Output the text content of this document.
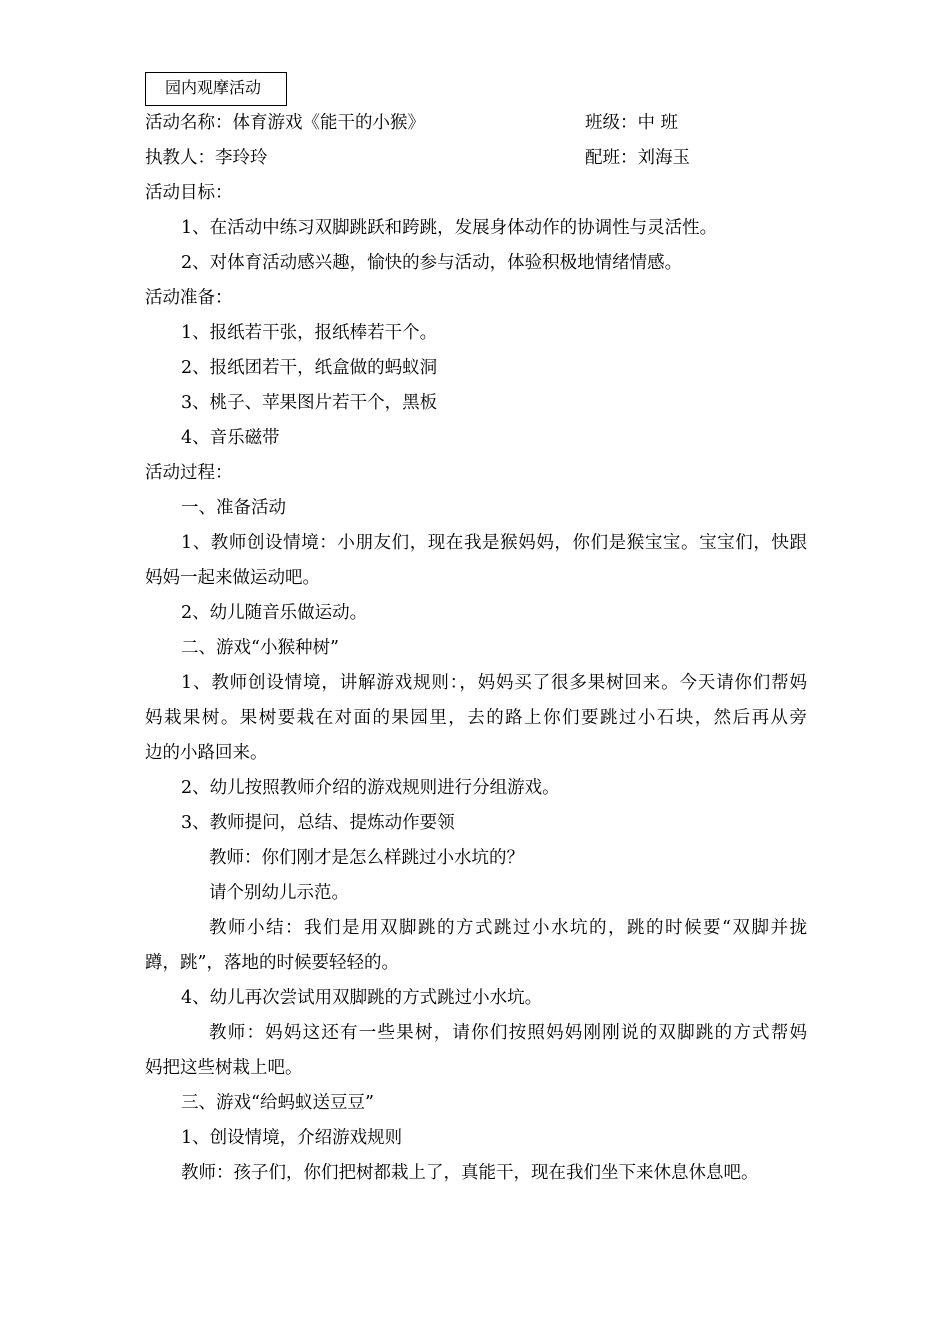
园内观摩活动
活动名称：体育游戏《能干的小猴》	班级：中 班
执教人：李玲玲	配班：刘海玉
活动目标：
1、在活动中练习双脚跳跃和跨跳，发展身体动作的协调性与灵活性。
2、对体育活动感兴趣，愉快的参与活动，体验积极地情绪情感。
活动准备：
1、报纸若干张，报纸棒若干个。
2、报纸团若干，纸盒做的蚂蚁洞
3、桃子、苹果图片若干个，黑板
4、音乐磁带
活动过程：
一、准备活动
1、教师创设情境：小朋友们，现在我是猴妈妈，你们是猴宝宝。宝宝们，快跟
妈妈一起来做运动吧。
2、幼儿随音乐做运动。
二、游戏“小猴种树”
1、教师创设情境，讲解游戏规则：，妈妈买了很多果树回来。今天请你们帮妈
妈栽果树。果树要栽在对面的果园里，去的路上你们要跳过小石块，然后再从旁
边的小路回来。
2、幼儿按照教师介绍的游戏规则进行分组游戏。
3、教师提问，总结、提炼动作要领
教师：你们刚才是怎么样跳过小水坑的？
请个别幼儿示范。
教师小结：我们是用双脚跳的方式跳过小水坑的，跳的时候要“双脚并拢
蹲，跳”，落地的时候要轻轻的。
4、幼儿再次尝试用双脚跳的方式跳过小水坑。
教师：妈妈这还有一些果树，请你们按照妈妈刚刚说的双脚跳的方式帮妈
妈把这些树栽上吧。
三、游戏“给蚂蚁送豆豆”
1、创设情境，介绍游戏规则
教师：孩子们，你们把树都栽上了，真能干，现在我们坐下来休息休息吧。
